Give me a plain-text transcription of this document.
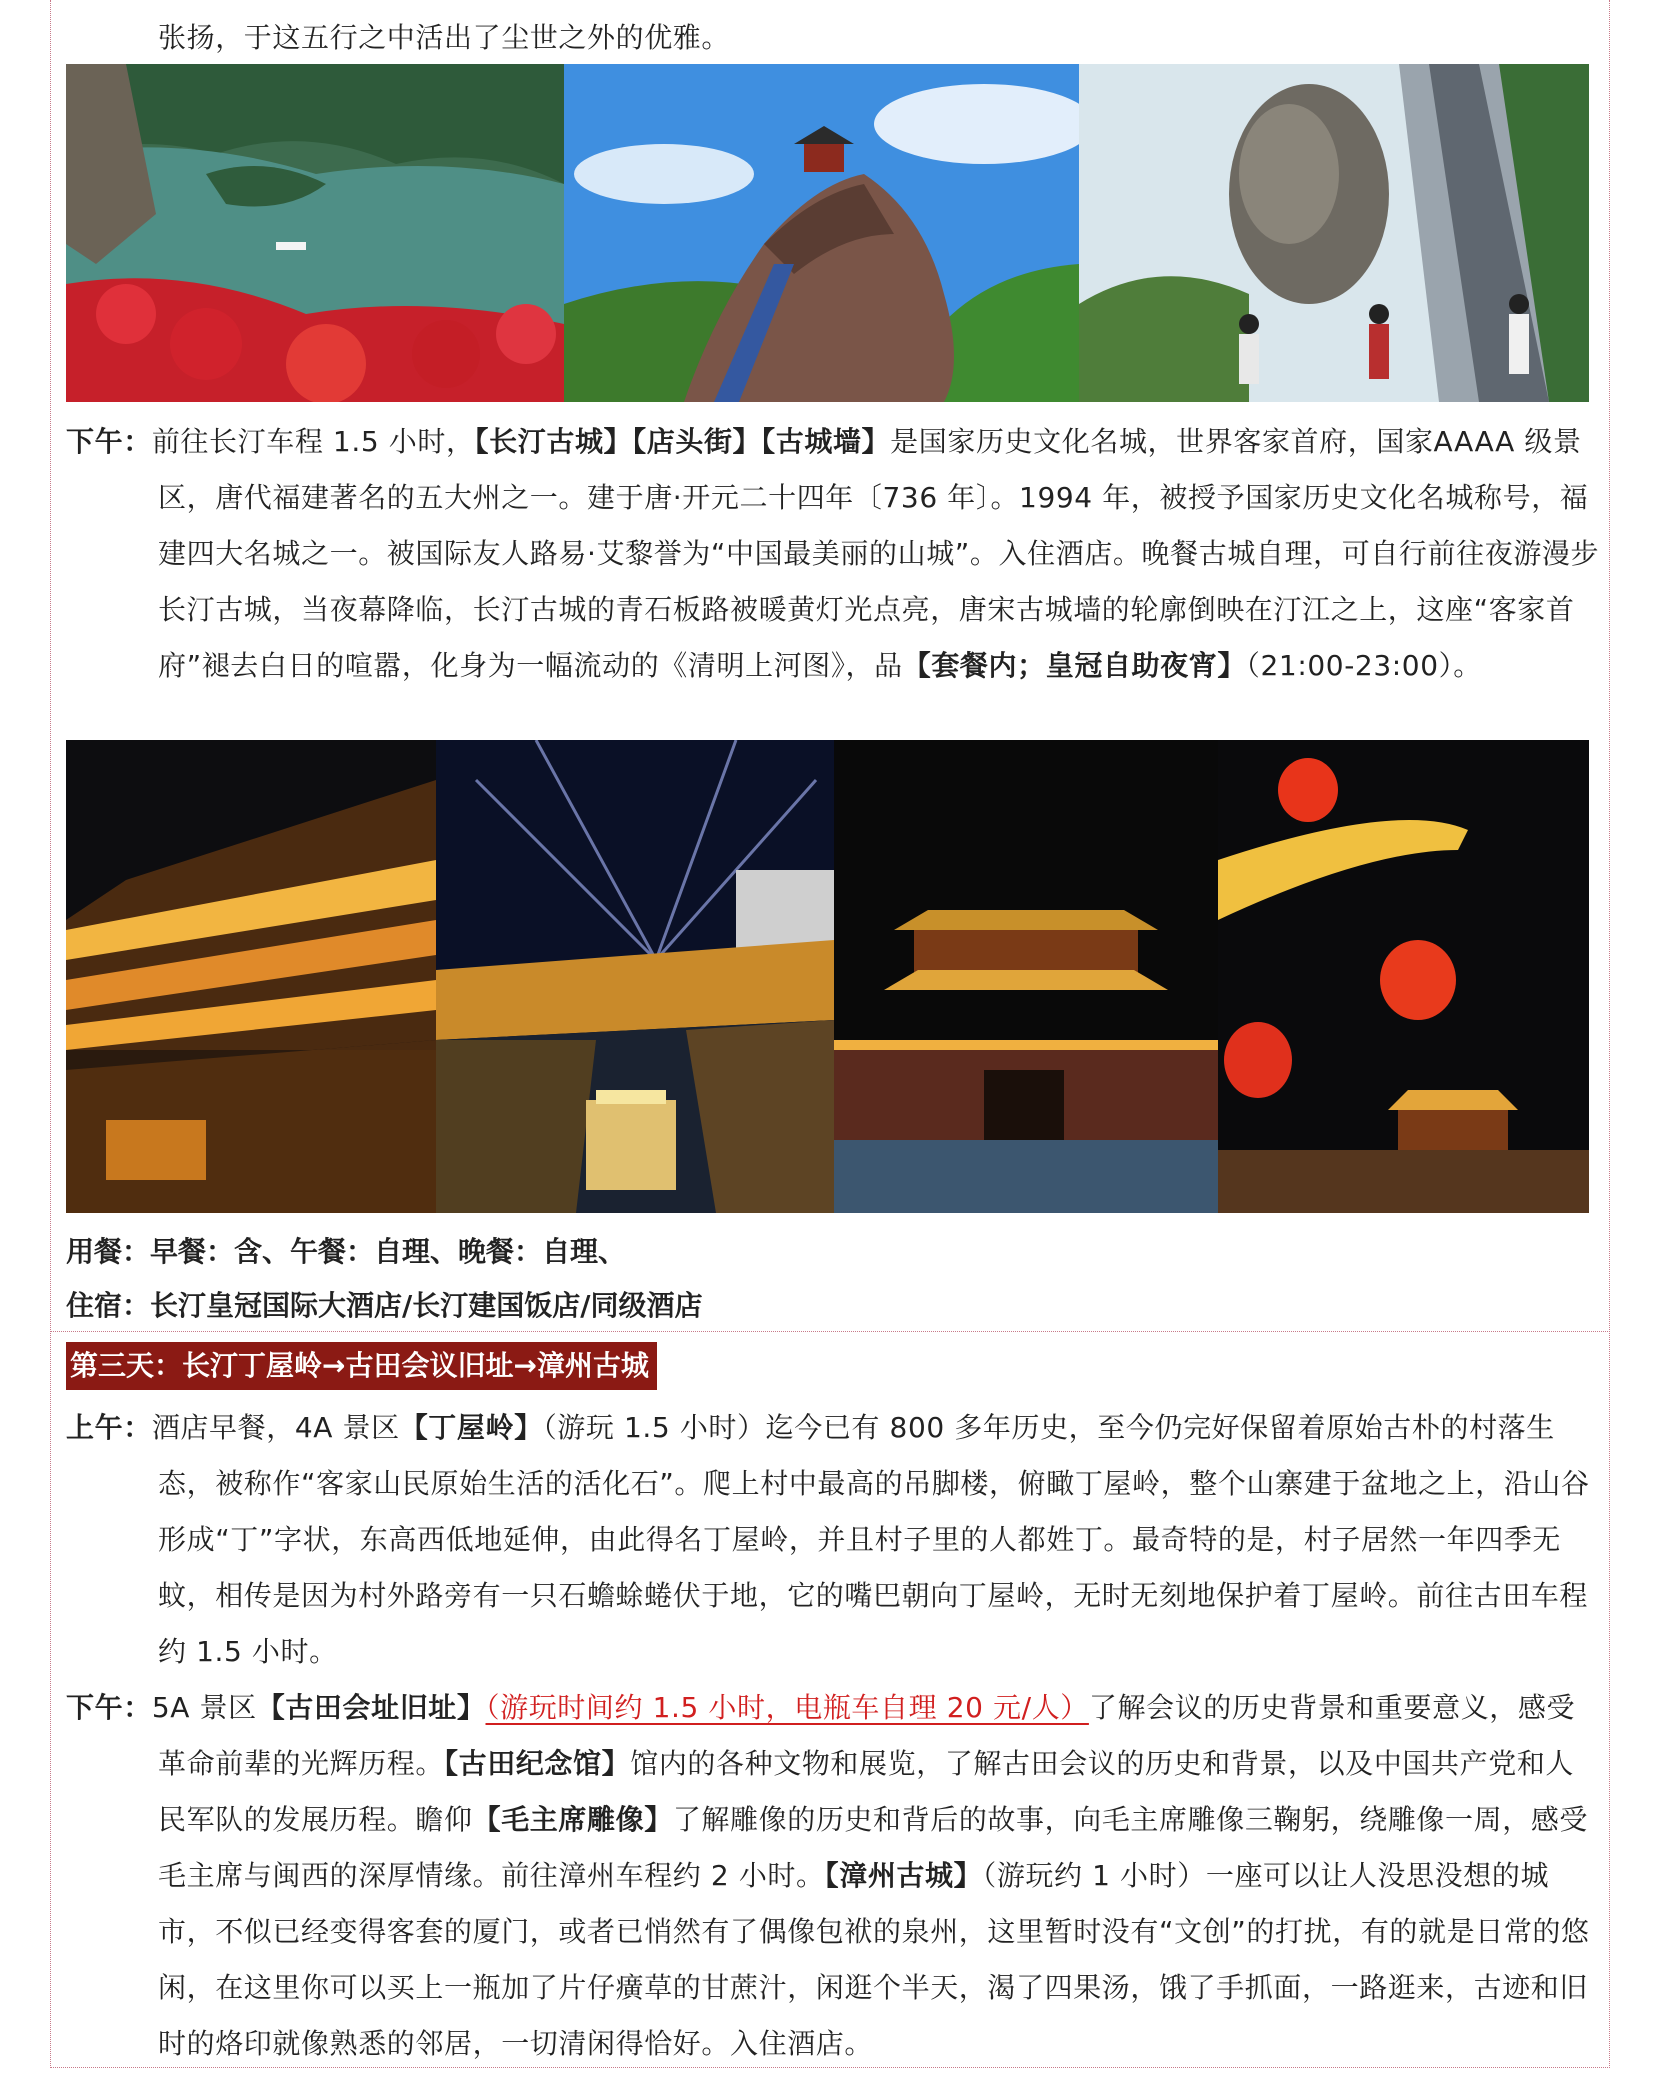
张扬，于这五行之中活出了尘世之外的优雅。
下午：前往长汀车程 1.5 小时，【长汀古城】【店头街】【古城墙】是国家历史文化名城，世界客家首府，国家AAAA 级景区，唐代福建著名的五大州之一。建于唐·开元二十四年〔736 年〕。1994 年，被授予国家历史文化名城称号，福建四大名城之一。被国际友人路易·艾黎誉为“中国最美丽的山城”。入住酒店。晚餐古城自理，可自行前往夜游漫步长汀古城，当夜幕降临，长汀古城的青石板路被暖黄灯光点亮，唐宋古城墙的轮廓倒映在汀江之上，这座“客家首府”褪去白日的喧嚣，化身为一幅流动的《清明上河图》，品【套餐内；皇冠自助夜宵】（21:00-23:00）。
用餐：早餐：含、午餐：自理、晚餐：自理、
住宿：长汀皇冠国际大酒店/长汀建国饭店/同级酒店
第三天：长汀丁屋岭→古田会议旧址→漳州古城
上午：酒店早餐，4A 景区【丁屋岭】（游玩 1.5 小时）迄今已有 800 多年历史，至今仍完好保留着原始古朴的村落生态，被称作“客家山民原始生活的活化石”。爬上村中最高的吊脚楼，俯瞰丁屋岭，整个山寨建于盆地之上，沿山谷形成“丁”字状，东高西低地延伸，由此得名丁屋岭，并且村子里的人都姓丁。最奇特的是，村子居然一年四季无蚊，相传是因为村外路旁有一只石蟾蜍蜷伏于地，它的嘴巴朝向丁屋岭，无时无刻地保护着丁屋岭。前往古田车程约 1.5 小时。
下午：5A 景区【古田会址旧址】（游玩时间约 1.5 小时，电瓶车自理 20 元/人）了解会议的历史背景和重要意义，感受革命前辈的光辉历程。【古田纪念馆】馆内的各种文物和展览，了解古田会议的历史和背景，以及中国共产党和人民军队的发展历程。瞻仰【毛主席雕像】了解雕像的历史和背后的故事，向毛主席雕像三鞠躬，绕雕像一周，感受毛主席与闽西的深厚情缘。前往漳州车程约 2 小时。【漳州古城】（游玩约 1 小时）一座可以让人没思没想的城市，不似已经变得客套的厦门，或者已悄然有了偶像包袱的泉州，这里暂时没有“文创”的打扰，有的就是日常的悠闲，在这里你可以买上一瓶加了片仔癀草的甘蔗汁，闲逛个半天，渴了四果汤，饿了手抓面，一路逛来，古迹和旧时的烙印就像熟悉的邻居，一切清闲得恰好。入住酒店。
